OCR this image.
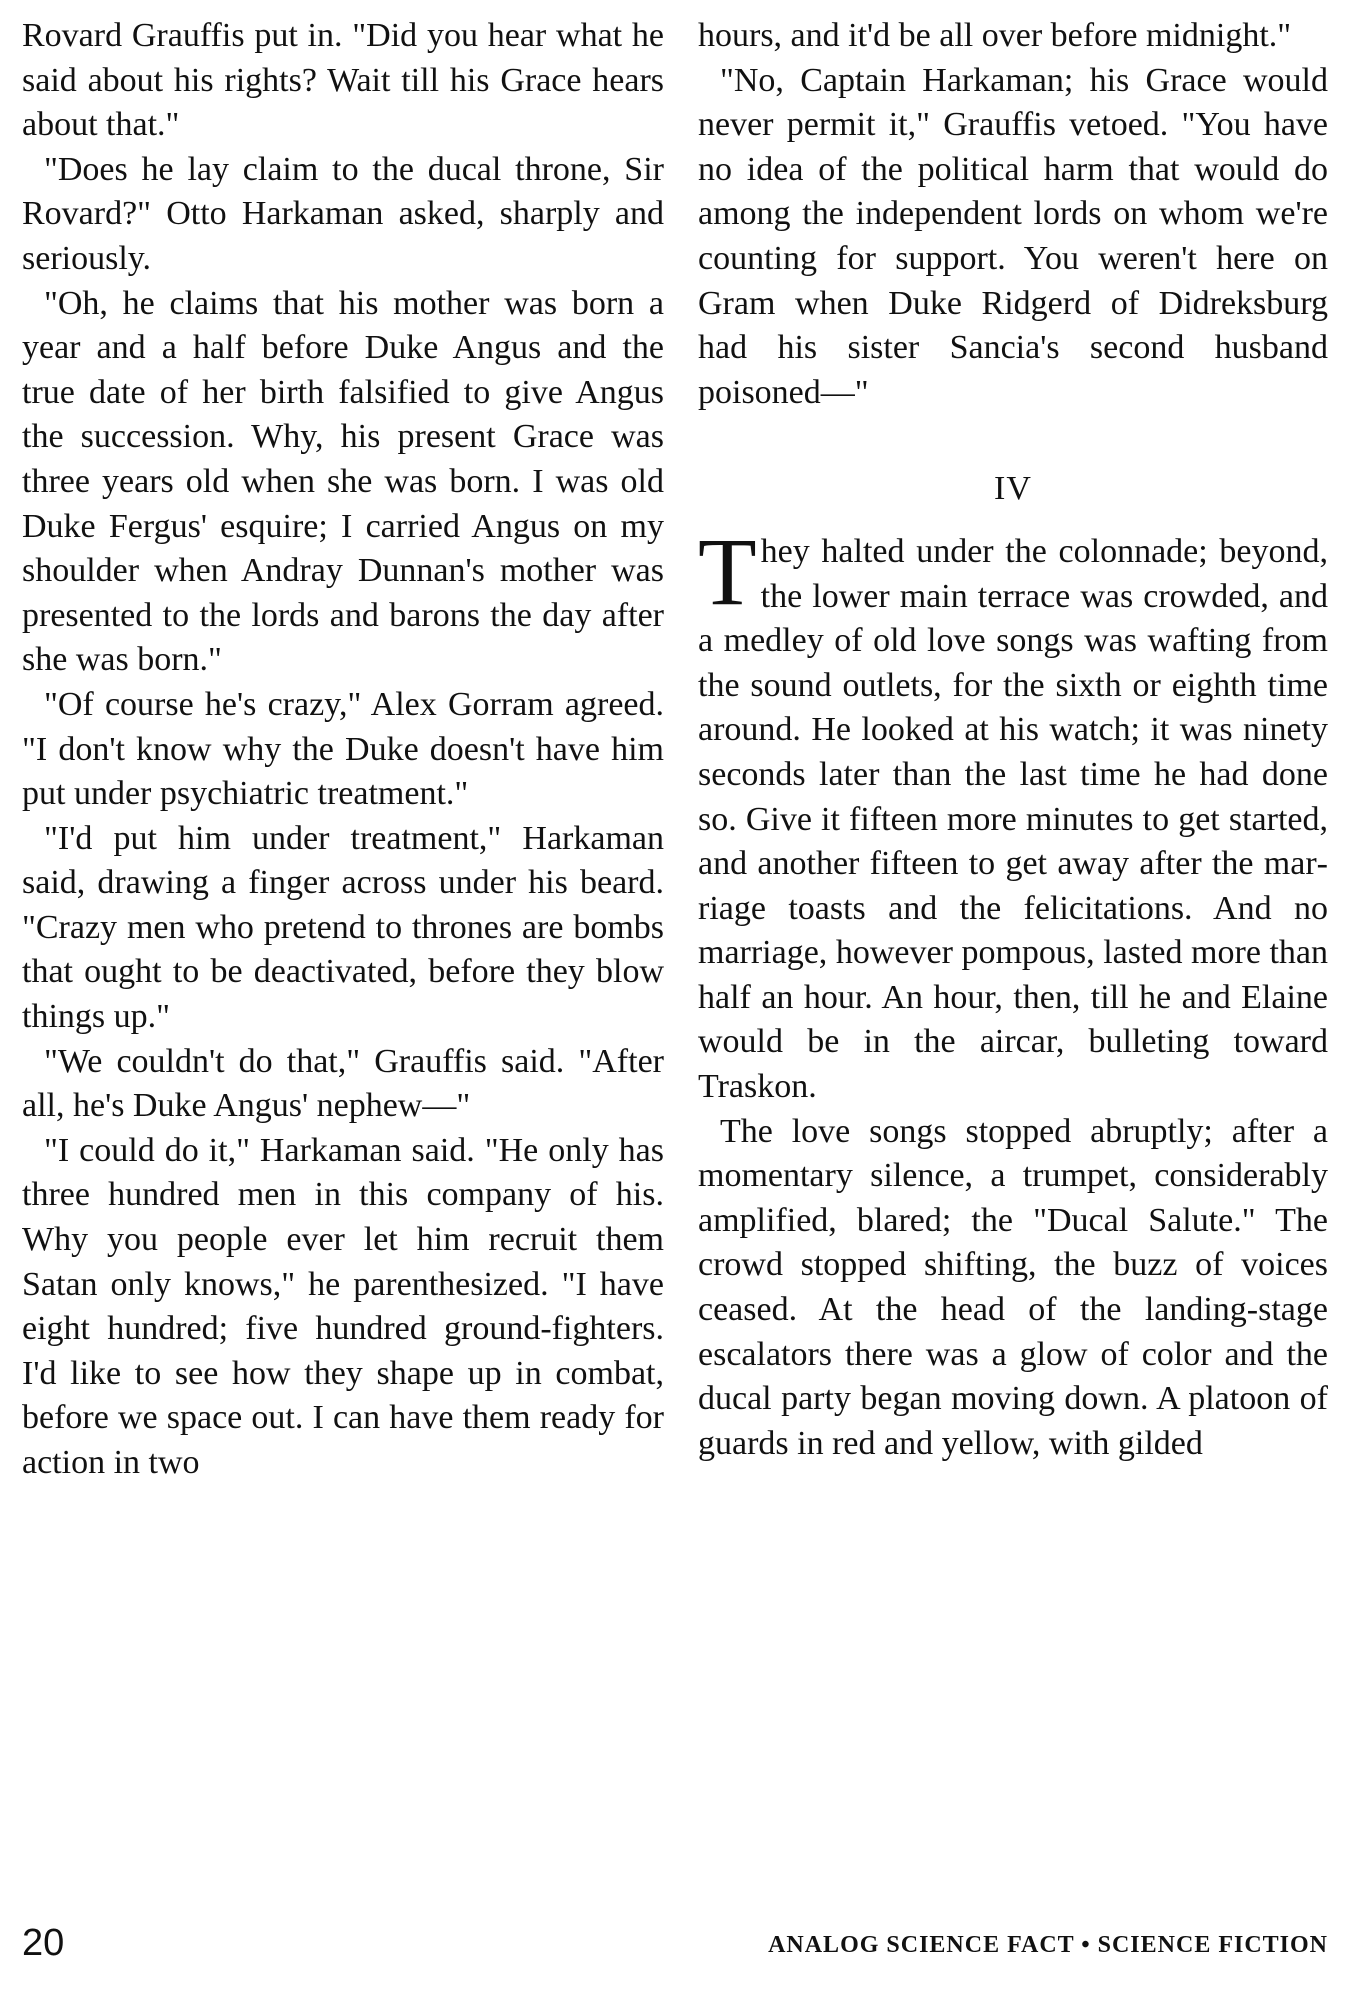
Rovard Grauffis put in. "Did you hear what he said about his rights? Wait till his Grace hears about that."

"Does he lay claim to the ducal throne, Sir Rovard?" Otto Harkaman asked, sharply and seriously.

"Oh, he claims that his mother was born a year and a half before Duke Angus and the true date of her birth falsified to give Angus the succession. Why, his present Grace was three years old when she was born. I was old Duke Fergus' esquire; I carried Angus on my shoulder when Andray Dunnan's mother was presented to the lords and barons the day after she was born."

"Of course he's crazy," Alex Gorram agreed. "I don't know why the Duke doesn't have him put under psychiatric treatment."

"I'd put him under treatment," Harkaman said, drawing a finger across under his beard. "Crazy men who pretend to thrones are bombs that ought to be deactivated, before they blow things up."

"We couldn't do that," Grauffis said. "After all, he's Duke Angus' nephew—"

"I could do it," Harkaman said. "He only has three hundred men in this company of his. Why you people ever let him recruit them Satan only knows," he parenthesized. "I have eight hundred; five hundred ground-fighters. I'd like to see how they shape up in combat, before we space out. I can have them ready for action in two

hours, and it'd be all over before midnight."

"No, Captain Harkaman; his Grace would never permit it," Grauffis vetoed. "You have no idea of the political harm that would do among the independent lords on whom we're counting for support. You weren't here on Gram when Duke Ridgerd of Didreksburg had his sister Sancia's second husband poisoned—"

IV

They halted under the colonnade; beyond, the lower main terrace was crowded, and a medley of old love songs was wafting from the sound outlets, for the sixth or eighth time around. He looked at his watch; it was ninety seconds later than the last time he had done so. Give it fifteen more minutes to get started, and another fifteen to get away after the marriage toasts and the felicitations. And no marriage, however pompous, lasted more than half an hour. An hour, then, till he and Elaine would be in the aircar, bulleting toward Traskon.

The love songs stopped abruptly; after a momentary silence, a trumpet, considerably amplified, blared; the "Ducal Salute." The crowd stopped shifting, the buzz of voices ceased. At the head of the landing-stage escalators there was a glow of color and the ducal party began moving down. A platoon of guards in red and yellow, with gilded

20	ANALOG SCIENCE FACT • SCIENCE FICTION
